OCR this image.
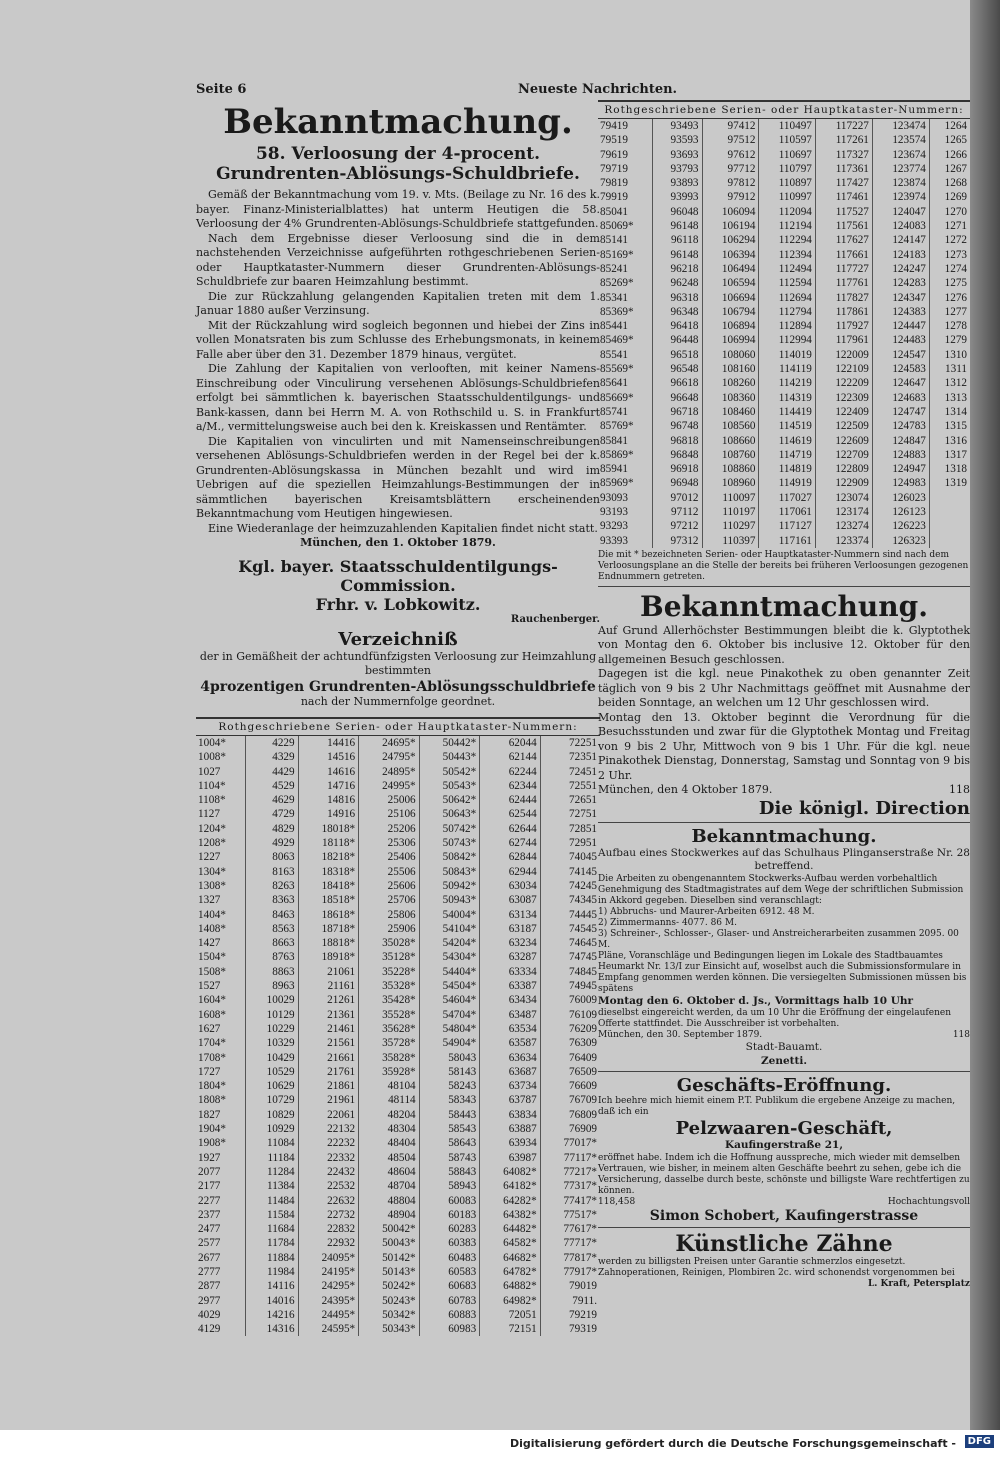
Seite 6	Neueste Nachrichten.
Bekanntmachung.
58. Verloosung der 4-procent. Grundrenten-Ablösungs-Schuldbriefe.
Gemäß der Bekanntmachung vom 19. v. Mts. (Beilage zu Nr. 16 des k. bayer. Finanz-Ministerialblattes) hat unterm Heutigen die 58. Verloosung der 4% Grundrenten-Ablösungs-Schuldbriefe stattgefunden.
Nach dem Ergebnisse dieser Verloosung sind die in dem nachstehenden Verzeichnisse aufgeführten rothgeschriebenen Serien- oder Hauptkataster-Nummern dieser Grundrenten-Ablösungs-Schuldbriefe zur baaren Heimzahlung bestimmt.
Die zur Rückzahlung gelangenden Kapitalien treten mit dem 1. Januar 1880 außer Verzinsung.
Mit der Rückzahlung wird sogleich begonnen und hiebei der Zins in vollen Monatsraten bis zum Schlusse des Erhebungsmonats, in keinem Falle aber über den 31. Dezember 1879 hinaus, vergütet.
Die Zahlung der Kapitalien von verlooften, mit keiner Namens-Einschreibung oder Vinculirung versehenen Ablösungs-Schuldbriefen erfolgt bei sämmtlichen k. bayerischen Staatsschuldentilgungs- und Bank-kassen, dann bei Herrn M. A. von Rothschild u. S. in Frankfurt a/M., vermittelungsweise auch bei den k. Kreiskassen und Rentämter.
Die Kapitalien von vinculirten und mit Namenseinschreibungen versehenen Ablösungs-Schuldbriefen werden in der Regel bei der k. Grundrenten-Ablösungskassa in München bezahlt und wird im Uebrigen auf die speziellen Heimzahlungs-Bestimmungen der in sämmtlichen bayerischen Kreisamtsblättern erscheinenden Bekanntmachung vom Heutigen hingewiesen.
Eine Wiederanlage der heimzuzahlenden Kapitalien findet nicht statt.
München, den 1. Oktober 1879.
Kgl. bayer. Staatsschuldentilgungs-Commission.
Frhr. v. Lobkowitz.
Rauchenberger.
Verzeichniß
der in Gemäßheit der achtundfünfzigsten Verloosung zur Heimzahlung bestimmten
4prozentigen Grundrenten-Ablösungsschuldbriefe
nach der Nummernfolge geordnet.
Rothgeschriebene Serien- oder Hauptkataster-Nummern:
1004*	4229	14416	24695*	50442*	62044	72251
1008*	4329	14516	24795*	50443*	62144	72351
1027	4429	14616	24895*	50542*	62244	72451
1104*	4529	14716	24995*	50543*	62344	72551
1108*	4629	14816	25006	50642*	62444	72651
1127	4729	14916	25106	50643*	62544	72751
1204*	4829	18018*	25206	50742*	62644	72851
1208*	4929	18118*	25306	50743*	62744	72951
1227	8063	18218*	25406	50842*	62844	74045
1304*	8163	18318*	25506	50843*	62944	74145
1308*	8263	18418*	25606	50942*	63034	74245
1327	8363	18518*	25706	50943*	63087	74345
1404*	8463	18618*	25806	54004*	63134	74445
1408*	8563	18718*	25906	54104*	63187	74545
1427	8663	18818*	35028*	54204*	63234	74645
1504*	8763	18918*	35128*	54304*	63287	74745
1508*	8863	21061	35228*	54404*	63334	74845
1527	8963	21161	35328*	54504*	63387	74945
1604*	10029	21261	35428*	54604*	63434	76009
1608*	10129	21361	35528*	54704*	63487	76109
1627	10229	21461	35628*	54804*	63534	76209
1704*	10329	21561	35728*	54904*	63587	76309
1708*	10429	21661	35828*	58043	63634	76409
1727	10529	21761	35928*	58143	63687	76509
1804*	10629	21861	48104	58243	63734	76609
1808*	10729	21961	48114	58343	63787	76709
1827	10829	22061	48204	58443	63834	76809
1904*	10929	22132	48304	58543	63887	76909
1908*	11084	22232	48404	58643	63934	77017*
1927	11184	22332	48504	58743	63987	77117*
2077	11284	22432	48604	58843	64082*	77217*
2177	11384	22532	48704	58943	64182*	77317*
2277	11484	22632	48804	60083	64282*	77417*
2377	11584	22732	48904	60183	64382*	77517*
2477	11684	22832	50042*	60283	64482*	77617*
2577	11784	22932	50043*	60383	64582*	77717*
2677	11884	24095*	50142*	60483	64682*	77817*
2777	11984	24195*	50143*	60583	64782*	77917*
2877	14116	24295*	50242*	60683	64882*	79019
2977	14016	24395*	50243*	60783	64982*	7911.
4029	14216	24495*	50342*	60883	72051	79219
4129	14316	24595*	50343*	60983	72151	79319
Rothgeschriebene Serien- oder Hauptkataster-Nummern:
79419	93493	97412	110497	117227	123474	1264
79519	93593	97512	110597	117261	123574	1265
79619	93693	97612	110697	117327	123674	1266
79719	93793	97712	110797	117361	123774	1267
79819	93893	97812	110897	117427	123874	1268
79919	93993	97912	110997	117461	123974	1269
85041	96048	106094	112094	117527	124047	1270
85069*	96148	106194	112194	117561	124083	1271
85141	96118	106294	112294	117627	124147	1272
85169*	96148	106394	112394	117661	124183	1273
85241	96218	106494	112494	117727	124247	1274
85269*	96248	106594	112594	117761	124283	1275
85341	96318	106694	112694	117827	124347	1276
85369*	96348	106794	112794	117861	124383	1277
85441	96418	106894	112894	117927	124447	1278
85469*	96448	106994	112994	117961	124483	1279
85541	96518	108060	114019	122009	124547	1310
85569*	96548	108160	114119	122109	124583	1311
85641	96618	108260	114219	122209	124647	1312
85669*	96648	108360	114319	122309	124683	1313
85741	96718	108460	114419	122409	124747	1314
85769*	96748	108560	114519	122509	124783	1315
85841	96818	108660	114619	122609	124847	1316
85869*	96848	108760	114719	122709	124883	1317
85941	96918	108860	114819	122809	124947	1318
85969*	96948	108960	114919	122909	124983	1319
93093	97012	110097	117027	123074	126023	
93193	97112	110197	117061	123174	126123	
93293	97212	110297	117127	123274	126223	
93393	97312	110397	117161	123374	126323	
Die mit * bezeichneten Serien- oder Hauptkataster-Nummern sind nach dem Verloosungsplane an die Stelle der bereits bei früheren Verloosungen gezogenen Endnummern getreten.
Bekanntmachung.
Auf Grund Allerhöchster Bestimmungen bleibt die k. Glyptothek von Montag den 6. Oktober bis inclusive 12. Oktober für den allgemeinen Besuch geschlossen.
Dagegen ist die kgl. neue Pinakothek zu oben genannter Zeit täglich von 9 bis 2 Uhr Nachmittags geöffnet mit Ausnahme der beiden Sonntage, an welchen um 12 Uhr geschlossen wird.
Montag den 13. Oktober beginnt die Verordnung für die Besuchsstunden und zwar für die Glyptothek Montag und Freitag von 9 bis 2 Uhr, Mittwoch von 9 bis 1 Uhr. Für die kgl. neue Pinakothek Dienstag, Donnerstag, Samstag und Sonntag von 9 bis 2 Uhr.
München, den 4 Oktober 1879.	118
Die königl. Direction
Bekanntmachung.
Aufbau eines Stockwerkes auf das Schulhaus Plinganserstraße Nr. 28 betreffend.
Die Arbeiten zu obengenanntem Stockwerks-Aufbau werden vorbehaltlich Genehmigung des Stadtmagistrates auf dem Wege der schriftlichen Submission in Akkord gegeben. Dieselben sind veranschlagt:
1) Abbruchs- und Maurer-Arbeiten 6912. 48 M.
2) Zimmermanns- 4077. 86 M.
3) Schreiner-, Schlosser-, Glaser- und Anstreicherarbeiten zusammen 2095. 00 M.
Pläne, Voranschläge und Bedingungen liegen im Lokale des Stadtbauamtes Heumarkt Nr. 13/I zur Einsicht auf, woselbst auch die Submissionsformulare in Empfang genommen werden können. Die versiegelten Submissionen müssen bis spätens
Montag den 6. Oktober d. Js., Vormittags halb 10 Uhr
dieselbst eingereicht werden, da um 10 Uhr die Eröffnung der eingelaufenen Offerte stattfindet. Die Ausschreiber ist vorbehalten.
München, den 30. September 1879.	118
Stadt-Bauamt.
Zenetti.
Geschäfts-Eröffnung.
Ich beehre mich hiemit einem P.T. Publikum die ergebene Anzeige zu machen, daß ich ein
Pelzwaaren-Geschäft,
Kaufingerstraße 21,
eröffnet habe. Indem ich die Hoffnung ausspreche, mich wieder mit demselben Vertrauen, wie bisher, in meinem alten Geschäfte beehrt zu sehen, gebe ich die Versicherung, dasselbe durch beste, schönste und billigste Ware rechtfertigen zu können.
118,458	Hochachtungsvoll
Simon Schobert, Kaufingerstrasse
Künstliche Zähne
werden zu billigsten Preisen unter Garantie schmerzlos eingesetzt. Zahnoperationen, Reinigen, Plombiren 2c. wird schonendst vorgenommen bei
L. Kraft, Petersplatz
Digitalisierung gefördert durch die Deutsche Forschungsgemeinschaft -	DFG
